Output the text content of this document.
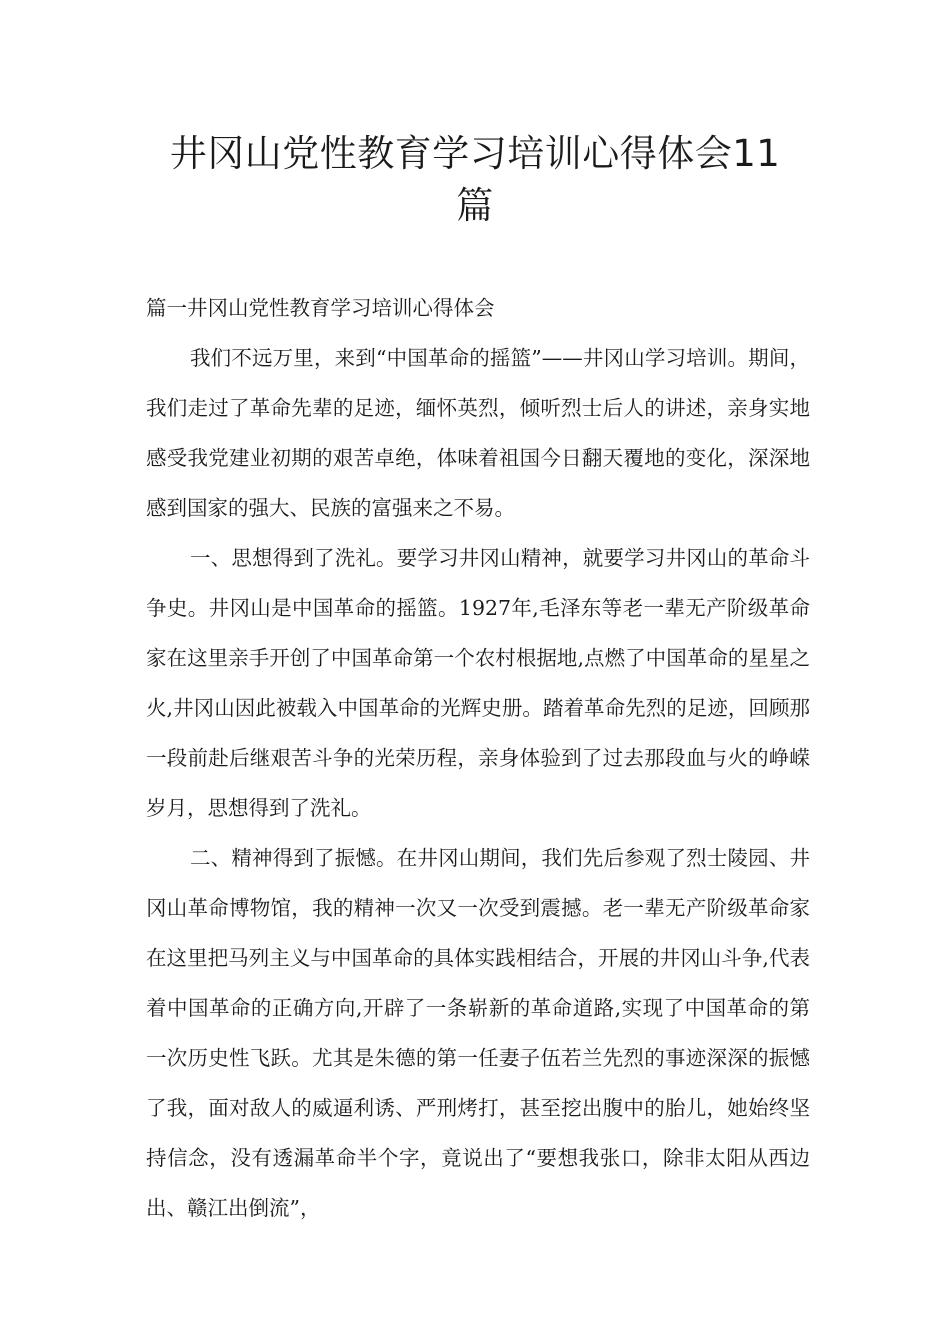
井冈山党性教育学习培训心得体会11
篇

篇一井冈山党性教育学习培训心得体会

我们不远万里，来到“中国革命的摇篮”——井冈山学习培训。期间，我们走过了革命先辈的足迹，缅怀英烈，倾听烈士后人的讲述，亲身实地感受我党建业初期的艰苦卓绝，体味着祖国今日翻天覆地的变化，深深地感到国家的强大、民族的富强来之不易。

一、思想得到了洗礼。要学习井冈山精神，就要学习井冈山的革命斗争史。井冈山是中国革命的摇篮。1927年,毛泽东等老一辈无产阶级革命家在这里亲手开创了中国革命第一个农村根据地,点燃了中国革命的星星之火,井冈山因此被载入中国革命的光辉史册。踏着革命先烈的足迹，回顾那一段前赴后继艰苦斗争的光荣历程，亲身体验到了过去那段血与火的峥嵘岁月，思想得到了洗礼。

二、精神得到了振憾。在井冈山期间，我们先后参观了烈士陵园、井冈山革命博物馆，我的精神一次又一次受到震撼。老一辈无产阶级革命家在这里把马列主义与中国革命的具体实践相结合，开展的井冈山斗争,代表着中国革命的正确方向,开辟了一条崭新的革命道路,实现了中国革命的第一次历史性飞跃。尤其是朱德的第一任妻子伍若兰先烈的事迹深深的振憾了我，面对敌人的威逼利诱、严刑烤打，甚至挖出腹中的胎儿，她始终坚持信念，没有透漏革命半个字，竟说出了“要想我张口，除非太阳从西边出、赣江出倒流”，
